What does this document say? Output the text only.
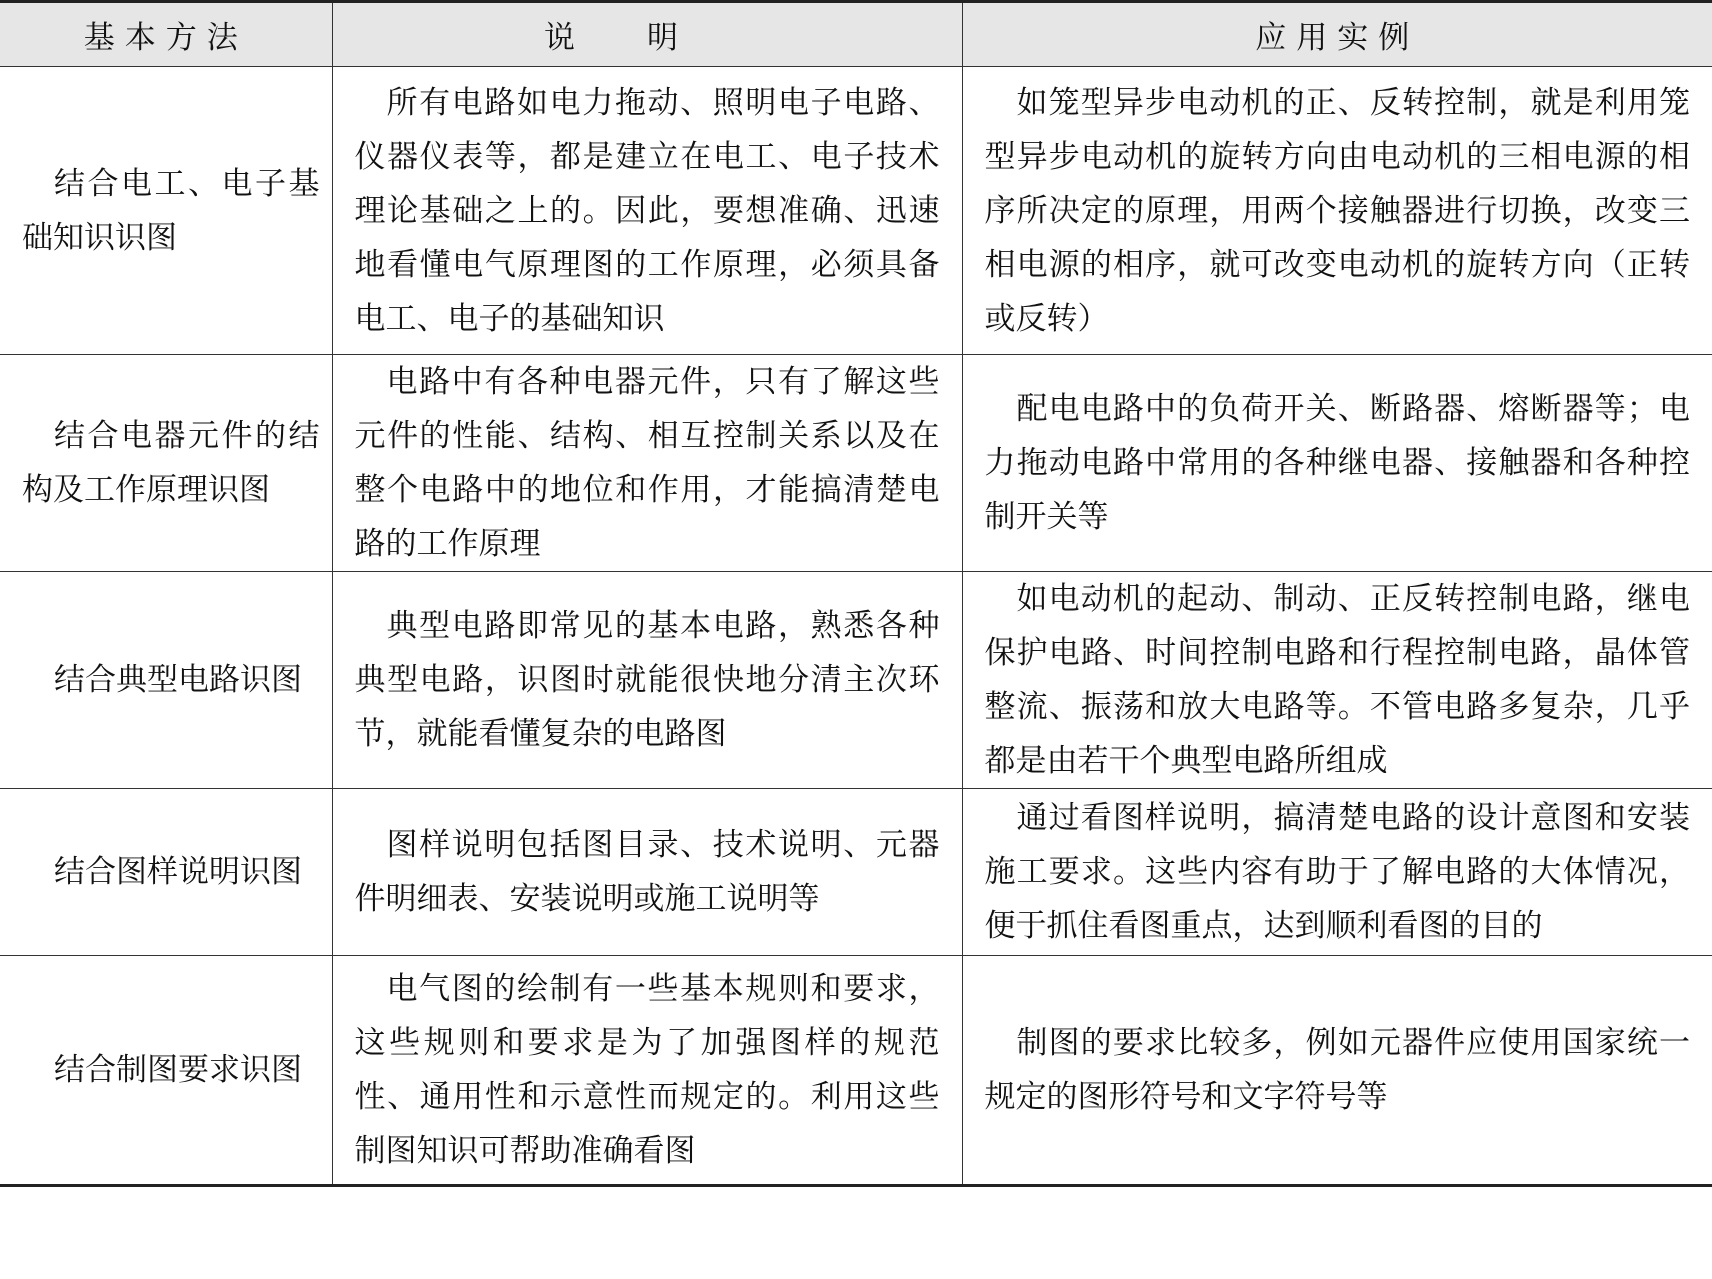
基本方法	说明	应用实例

结合电工、电子基础知识识图	所有电路如电力拖动、照明电子电路、仪器仪表等，都是建立在电工、电子技术理论基础之上的。因此，要想准确、迅速地看懂电气原理图的工作原理，必须具备电工、电子的基础知识	如笼型异步电动机的正、反转控制，就是利用笼型异步电动机的旋转方向由电动机的三相电源的相序所决定的原理，用两个接触器进行切换，改变三相电源的相序，就可改变电动机的旋转方向（正转或反转）

结合电器元件的结构及工作原理识图	电路中有各种电器元件，只有了解这些元件的性能、结构、相互控制关系以及在整个电路中的地位和作用，才能搞清楚电路的工作原理	配电电路中的负荷开关、断路器、熔断器等；电力拖动电路中常用的各种继电器、接触器和各种控制开关等

结合典型电路识图	典型电路即常见的基本电路，熟悉各种典型电路，识图时就能很快地分清主次环节，就能看懂复杂的电路图	如电动机的起动、制动、正反转控制电路，继电保护电路、时间控制电路和行程控制电路，晶体管整流、振荡和放大电路等。不管电路多复杂，几乎都是由若干个典型电路所组成

结合图样说明识图	图样说明包括图目录、技术说明、元器件明细表、安装说明或施工说明等	通过看图样说明，搞清楚电路的设计意图和安装施工要求。这些内容有助于了解电路的大体情况，便于抓住看图重点，达到顺利看图的目的

结合制图要求识图	电气图的绘制有一些基本规则和要求，这些规则和要求是为了加强图样的规范性、通用性和示意性而规定的。利用这些制图知识可帮助准确看图	制图的要求比较多，例如元器件应使用国家统一规定的图形符号和文字符号等
